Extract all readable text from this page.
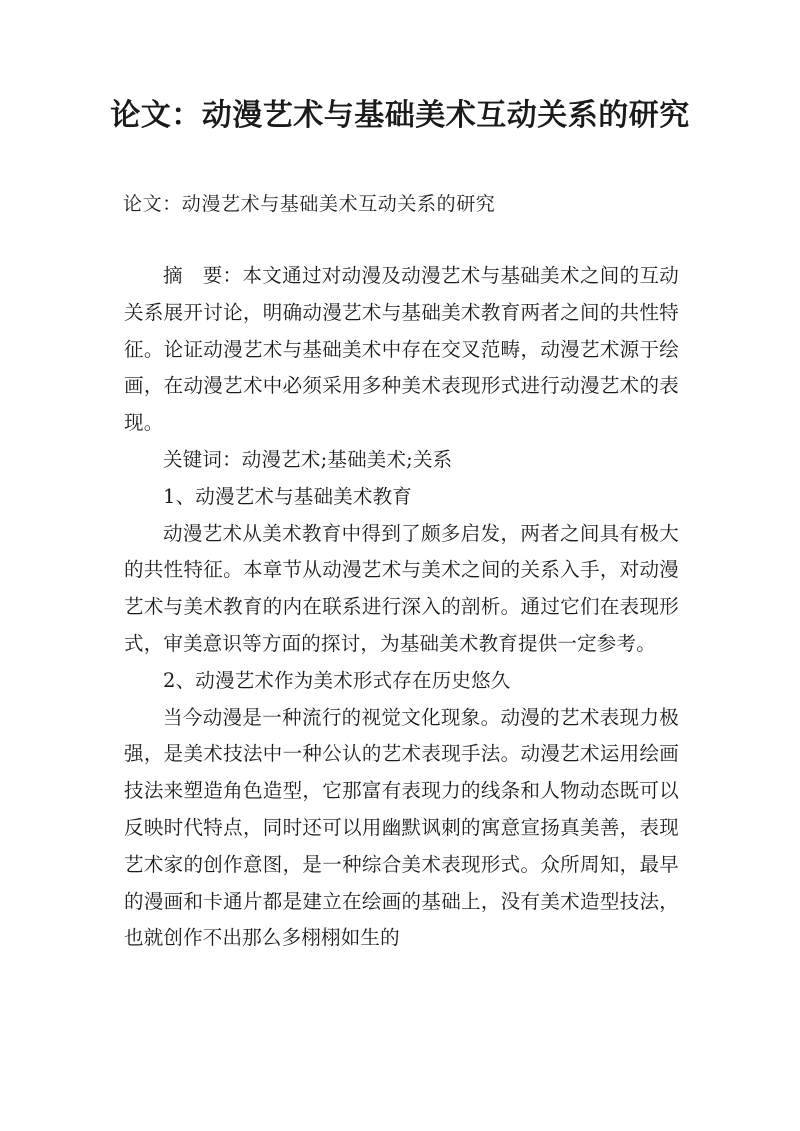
论文：动漫艺术与基础美术互动关系的研究
论文：动漫艺术与基础美术互动关系的研究

摘　要：本文通过对动漫及动漫艺术与基础美术之间的互动关系展开讨论，明确动漫艺术与基础美术教育两者之间的共性特征。论证动漫艺术与基础美术中存在交叉范畴，动漫艺术源于绘画，在动漫艺术中必须采用多种美术表现形式进行动漫艺术的表现。

关键词：动漫艺术;基础美术;关系

1、动漫艺术与基础美术教育

动漫艺术从美术教育中得到了颇多启发，两者之间具有极大的共性特征。本章节从动漫艺术与美术之间的关系入手，对动漫艺术与美术教育的内在联系进行深入的剖析。通过它们在表现形式，审美意识等方面的探讨，为基础美术教育提供一定参考。

2、动漫艺术作为美术形式存在历史悠久

当今动漫是一种流行的视觉文化现象。动漫的艺术表现力极强，是美术技法中一种公认的艺术表现手法。动漫艺术运用绘画技法来塑造角色造型，它那富有表现力的线条和人物动态既可以反映时代特点，同时还可以用幽默讽刺的寓意宣扬真美善，表现艺术家的创作意图，是一种综合美术表现形式。众所周知，最早的漫画和卡通片都是建立在绘画的基础上，没有美术造型技法，也就创作不出那么多栩栩如生的
